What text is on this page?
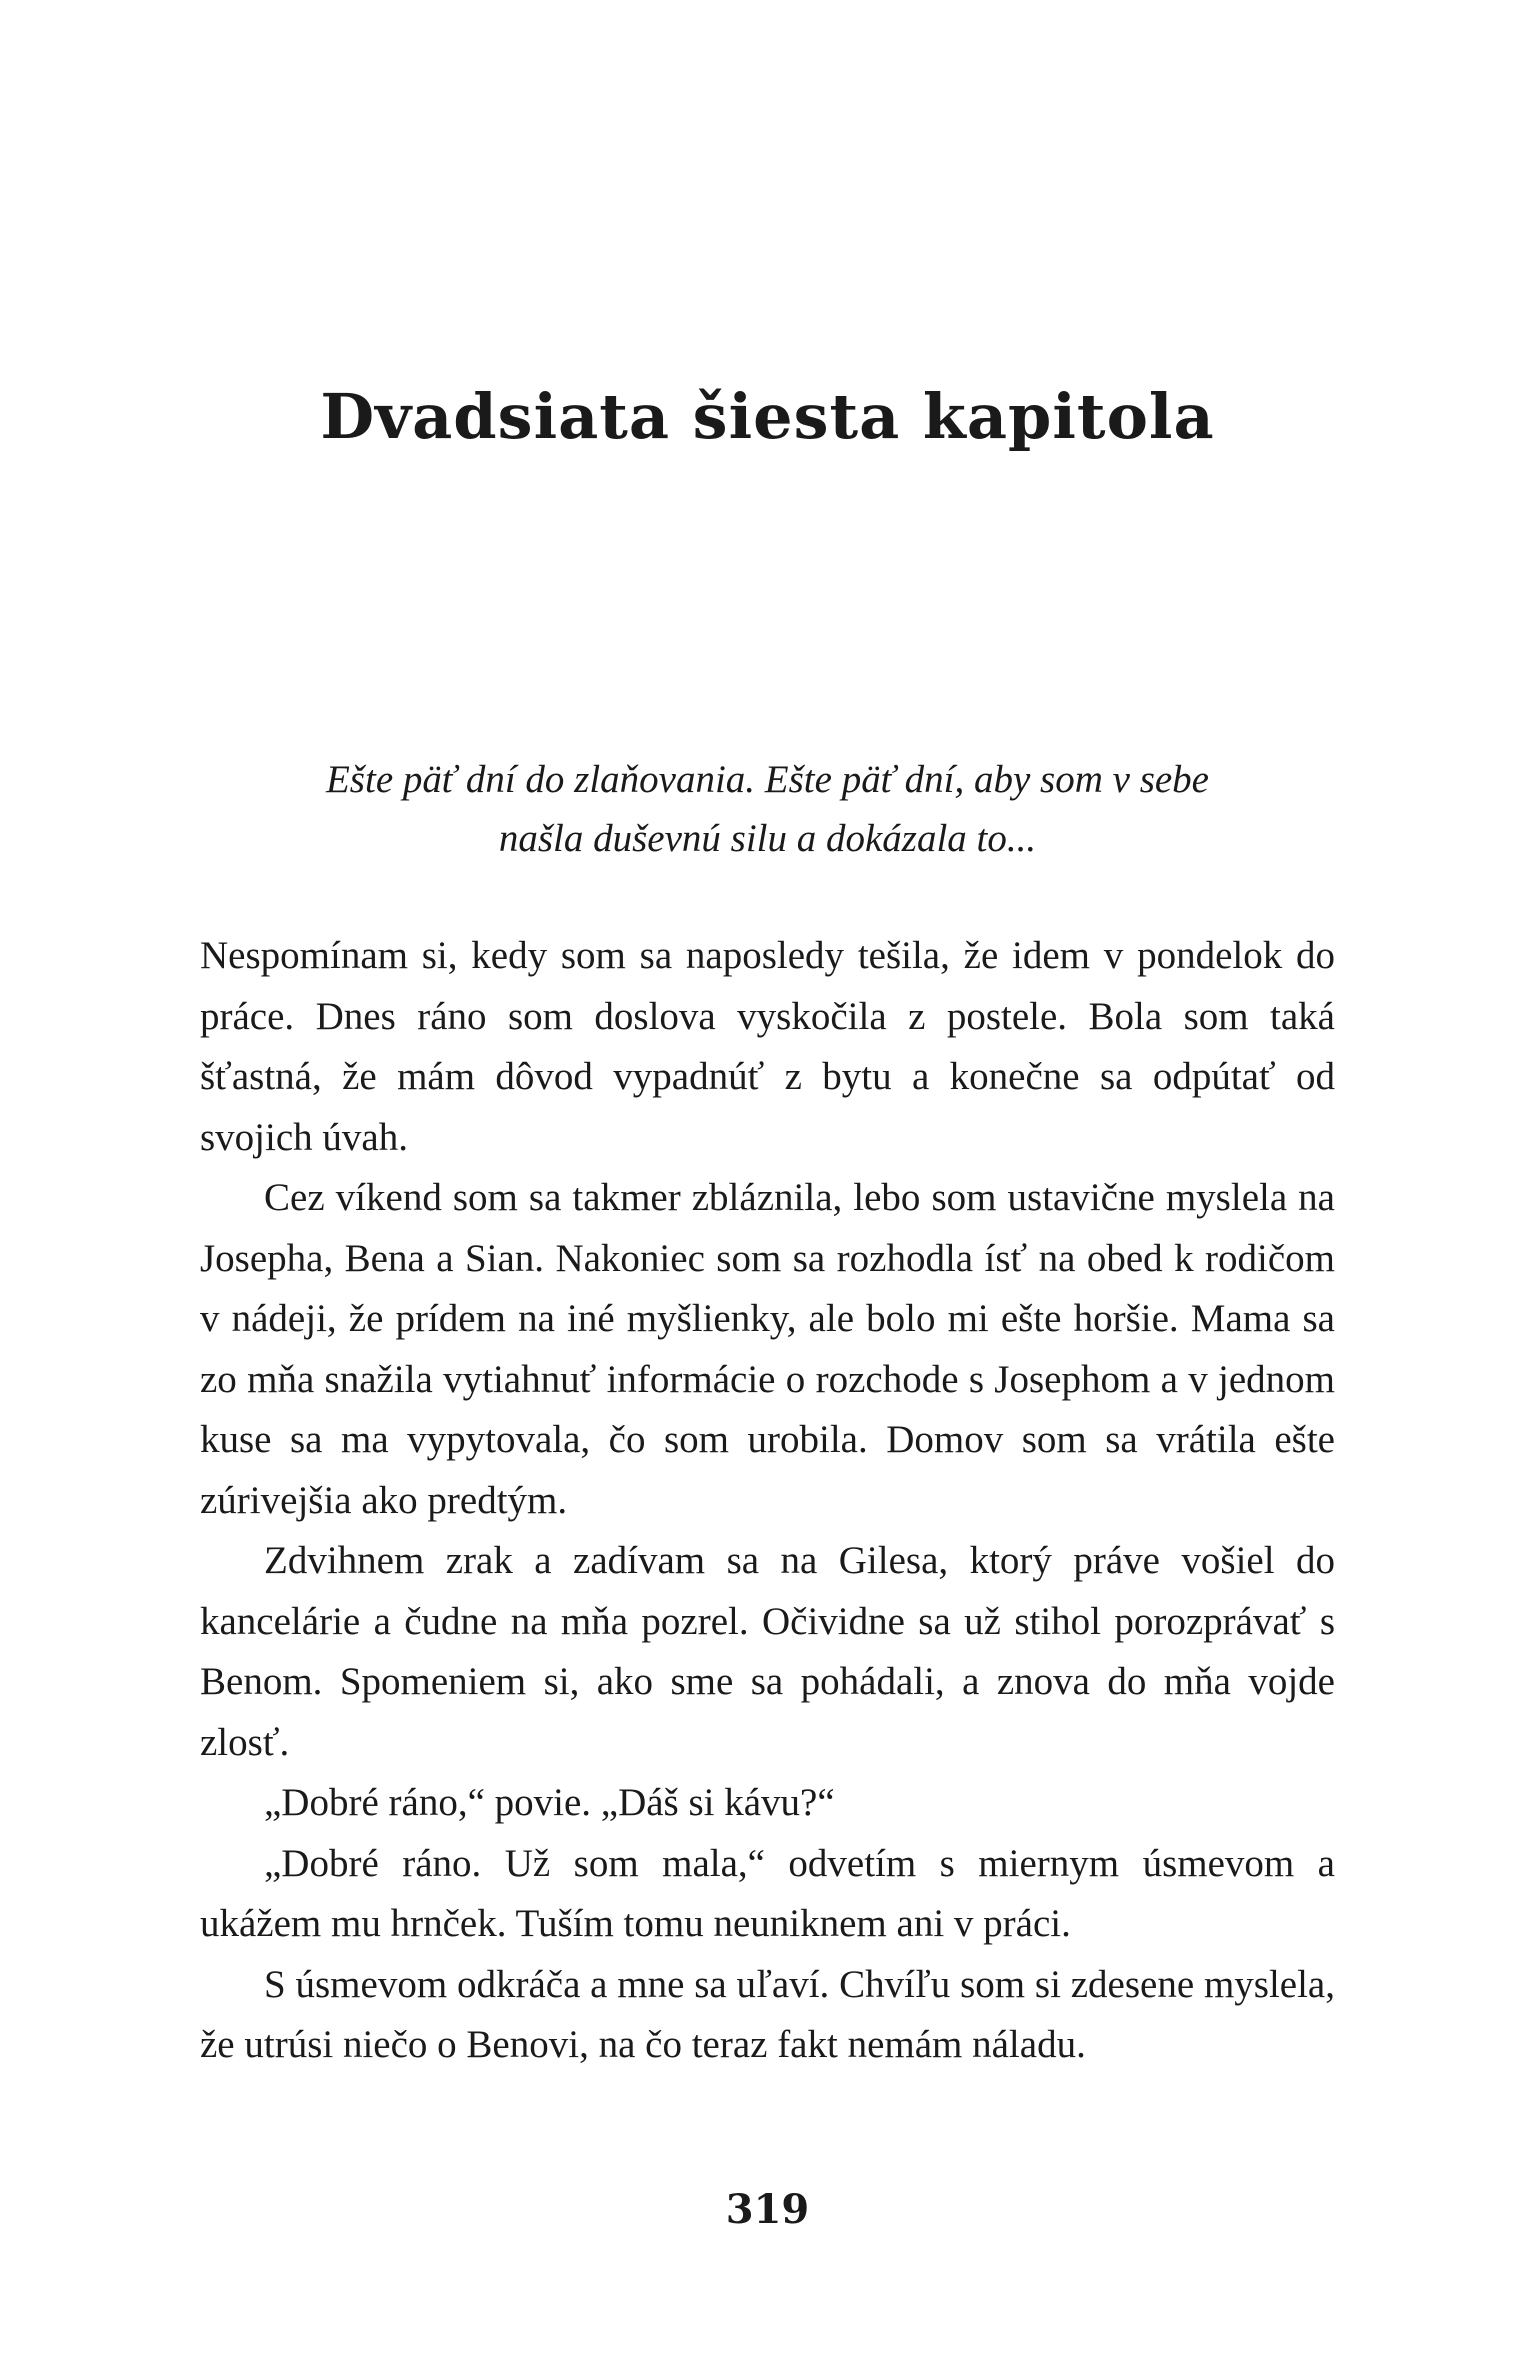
Dvadsiata šiesta kapitola
Ešte päť dní do zlaňovania. Ešte päť dní, aby som v sebe
našla duševnú silu a dokázala to...

Nespomínam si, kedy som sa naposledy tešila, že idem v pondelok do práce. Dnes ráno som doslova vyskočila z postele. Bola som taká šťastná, že mám dôvod vypadnúť z bytu a konečne sa odpútať od svojich úvah.

Cez víkend som sa takmer zbláznila, lebo som ustavične myslela na Josepha, Bena a Sian. Nakoniec som sa rozhodla ísť na obed k rodičom v nádeji, že prídem na iné myšlienky, ale bolo mi ešte horšie. Mama sa zo mňa snažila vytiahnuť informácie o rozchode s Josephom a v jednom kuse sa ma vypytovala, čo som urobila. Domov som sa vrátila ešte zúrivejšia ako predtým.

Zdvihnem zrak a zadívam sa na Gilesa, ktorý práve vošiel do kancelárie a čudne na mňa pozrel. Očividne sa už stihol porozprávať s Benom. Spomeniem si, ako sme sa pohádali, a znova do mňa vojde zlosť.

„Dobré ráno,“ povie. „Dáš si kávu?“

„Dobré ráno. Už som mala,“ odvetím s miernym úsmevom a ukážem mu hrnček. Tuším tomu neuniknem ani v práci.

S úsmevom odkráča a mne sa uľaví. Chvíľu som si zdesene myslela, že utrúsi niečo o Benovi, na čo teraz fakt nemám náladu.

319
